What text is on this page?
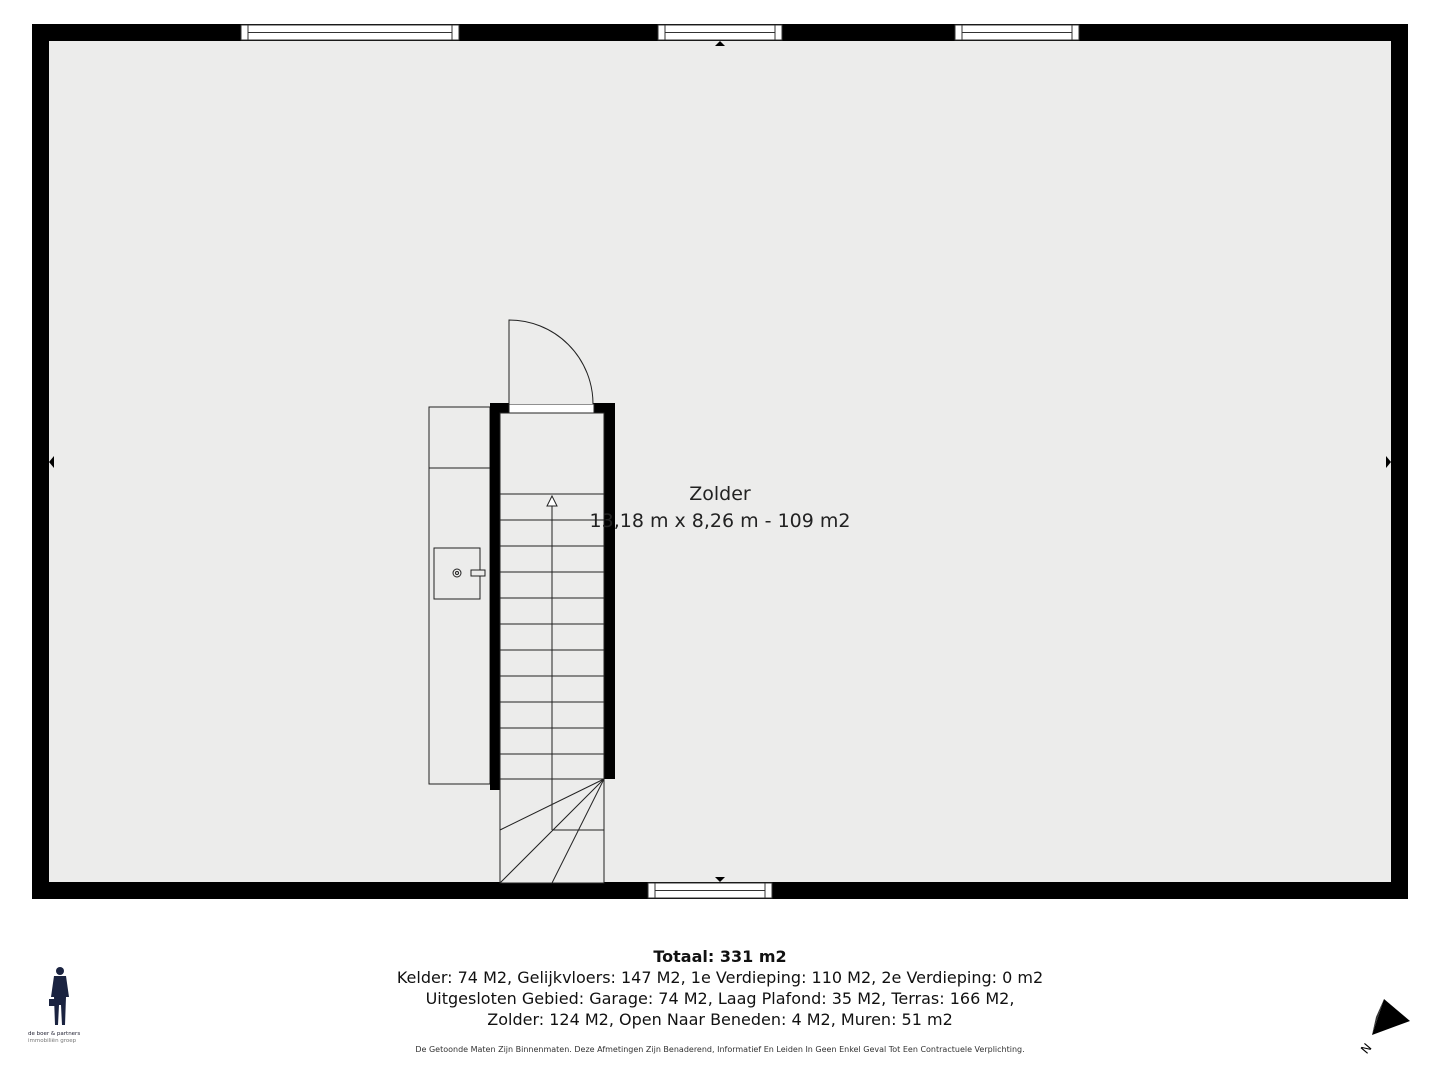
Zolder
13,18 m x 8,26 m - 109 m2
Totaal: 331 m2
Kelder: 74 M2, Gelijkvloers: 147 M2, 1e Verdieping: 110 M2, 2e Verdieping: 0 m2
Uitgesloten Gebied: Garage: 74 M2, Laag Plafond: 35 M2, Terras: 166 M2,
Zolder: 124 M2, Open Naar Beneden: 4 M2, Muren: 51 m2
De Getoonde Maten Zijn Binnenmaten. Deze Afmetingen Zijn Benaderend, Informatief En Leiden In Geen Enkel Geval Tot Een Contractuele Verplichting.
de boer & partners
immobiliën groep	N
